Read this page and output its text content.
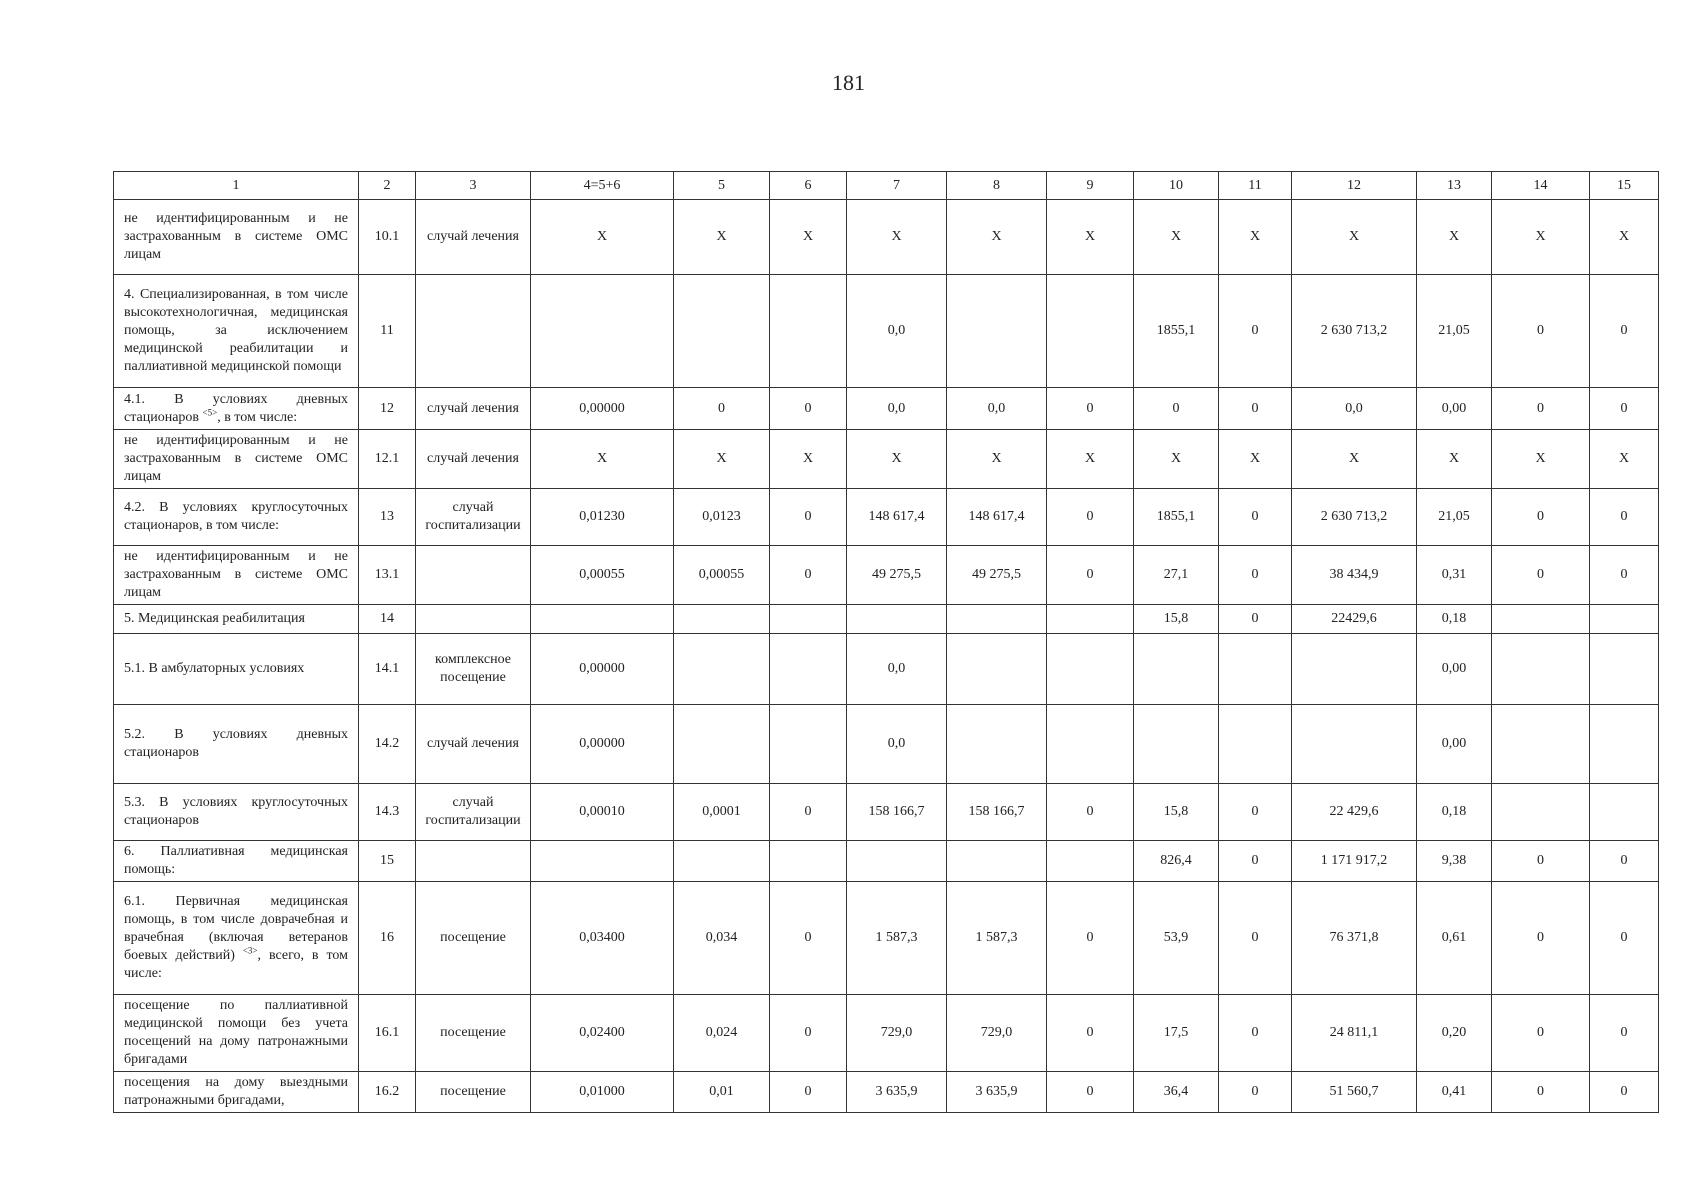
181
1	2	3	4=5+6	5	6	7	8	9	10	11	12	13	14	15
не идентифицированным и не застрахованным в системе ОМС лицам	10.1	случай лечения	X	X	X	X	X	X	X	X	X	X	X	X
4. Специализированная, в том числе высокотехнологичная, медицинская помощь, за исключением медицинской реабилитации и паллиативной медицинской помощи	11					0,0			1855,1	0	2 630 713,2	21,05	0	0
4.1. В условиях дневных стационаров $^{<5>}$, в том числе:	12	случай лечения	0,00000	0	0	0,0	0,0	0	0	0	0,0	0,00	0	0
не идентифицированным и не застрахованным в системе ОМС лицам	12.1	случай лечения	X	X	X	X	X	X	X	X	X	X	X	X
4.2. В условиях круглосуточных стационаров, в том числе:	13	случай госпитализации	0,01230	0,0123	0	148 617,4	148 617,4	0	1855,1	0	2 630 713,2	21,05	0	0
не идентифицированным и не застрахованным в системе ОМС лицам	13.1		0,00055	0,00055	0	49 275,5	49 275,5	0	27,1	0	38 434,9	0,31	0	0
5. Медицинская реабилитация	14								15,8	0	22429,6	0,18		
5.1. В амбулаторных условиях	14.1	комплексное посещение	0,00000			0,0						0,00		
5.2. В условиях дневных стационаров	14.2	случай лечения	0,00000			0,0						0,00		
5.3. В условиях круглосуточных стационаров	14.3	случай госпитализации	0,00010	0,0001	0	158 166,7	158 166,7	0	15,8	0	22 429,6	0,18		
6. Паллиативная медицинская помощь:	15								826,4	0	1 171 917,2	9,38	0	0
6.1. Первичная медицинская помощь, в том числе доврачебная и врачебная (включая ветеранов боевых действий) $^{<3>}$, всего, в том числе:	16	посещение	0,03400	0,034	0	1 587,3	1 587,3	0	53,9	0	76 371,8	0,61	0	0
посещение по паллиативной медицинской помощи без учета посещений на дому патронажными бригадами	16.1	посещение	0,02400	0,024	0	729,0	729,0	0	17,5	0	24 811,1	0,20	0	0
посещения на дому выездными патронажными бригадами,	16.2	посещение	0,01000	0,01	0	3 635,9	3 635,9	0	36,4	0	51 560,7	0,41	0	0
